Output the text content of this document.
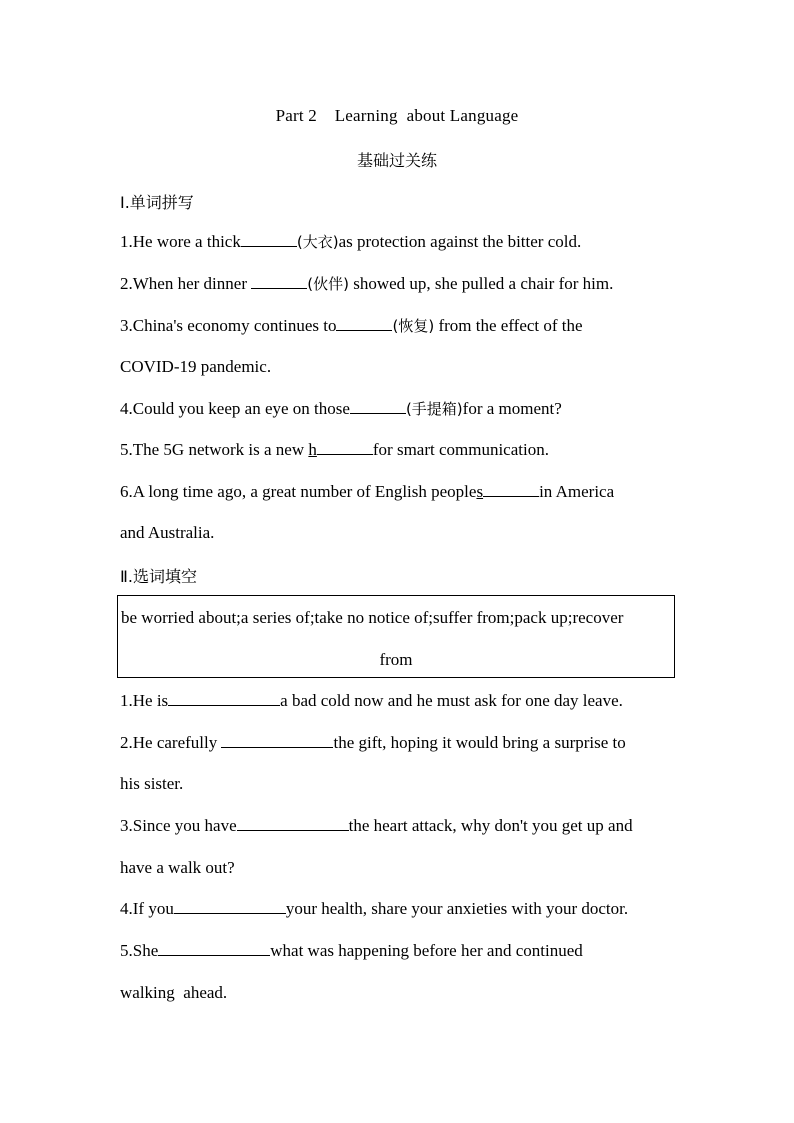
Part 2    Learning  about Language
基础过关练
Ⅰ.单词拼写
1.He wore a thick	(大衣)as protection against the bitter cold.
2.When her dinner	(伙伴) showed up, she pulled a chair for him.
3.China's economy continues to	(恢复) from the effect of the
COVID-19 pandemic.
4.Could you keep an eye on those	(手提箱)for a moment?
5.The 5G network is a new h	for smart communication.
6.A long time ago, a great number of English peoples	in America
and Australia.
Ⅱ.选词填空
be worried about;a series of;take no notice of;suffer from;pack up;recover
from
1.He is	a bad cold now and he must ask for one day leave.
2.He carefully	the gift, hoping it would bring a surprise to
his sister.
3.Since you have	the heart attack, why don't you get up and
have a walk out?
4.If you	your health, share your anxieties with your doctor.
5.She	what was happening before her and continued
walking  ahead.
